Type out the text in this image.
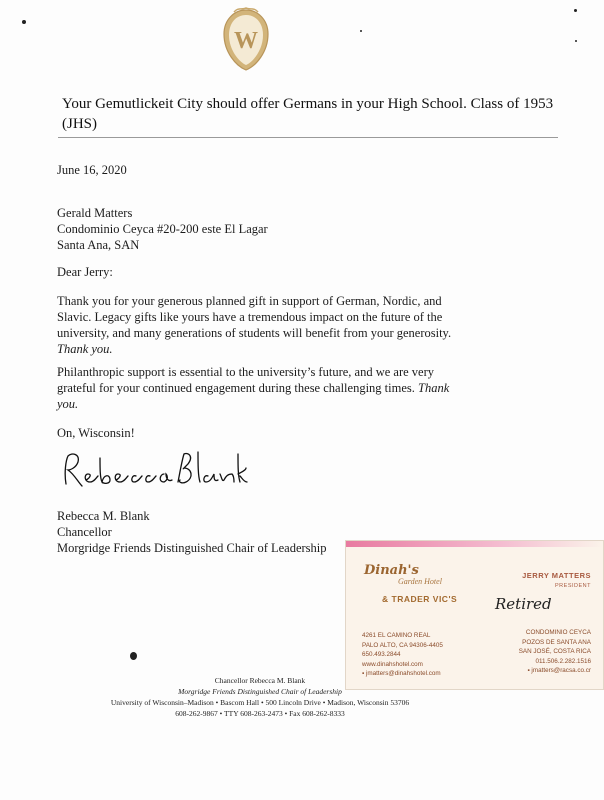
W
Your Gemutlickeit City should offer Germans in your High School. Class of 1953 (JHS)
June 16, 2020
Gerald Matters
Condominio Ceyca #20-200 este El Lagar
Santa Ana, SAN
Dear Jerry:
Thank you for your generous planned gift in support of German, Nordic, and Slavic. Legacy gifts like yours have a tremendous impact on the future of the university, and many generations of students will benefit from your generosity. Thank you.
Philanthropic support is essential to the university’s future, and we are very grateful for your continued engagement during these challenging times. Thank you.
On, Wisconsin!
Rebecca M. Blank
Chancellor
Morgridge Friends Distinguished Chair of Leadership
Chancellor Rebecca M. Blank
Morgridge Friends Distinguished Chair of Leadership
University of Wisconsin–Madison • Bascom Hall • 500 Lincoln Drive • Madison, Wisconsin 53706
608-262-9867 • TTY 608-263-2473 • Fax 608-262-8333
Dinah's
Garden Hotel
& TRADER VIC'S
JERRY MATTERS
PRESIDENT
Retired
4261 EL CAMINO REAL
PALO ALTO, CA 94306-4405
650.493.2844
www.dinahshotel.com
▪ jmatters@dinahshotel.com
CONDOMINIO CEYCA
POZOS DE SANTA ANA
SAN JOSÉ, COSTA RICA
011.506.2.282.1516
▪ jmatters@racsa.co.cr
